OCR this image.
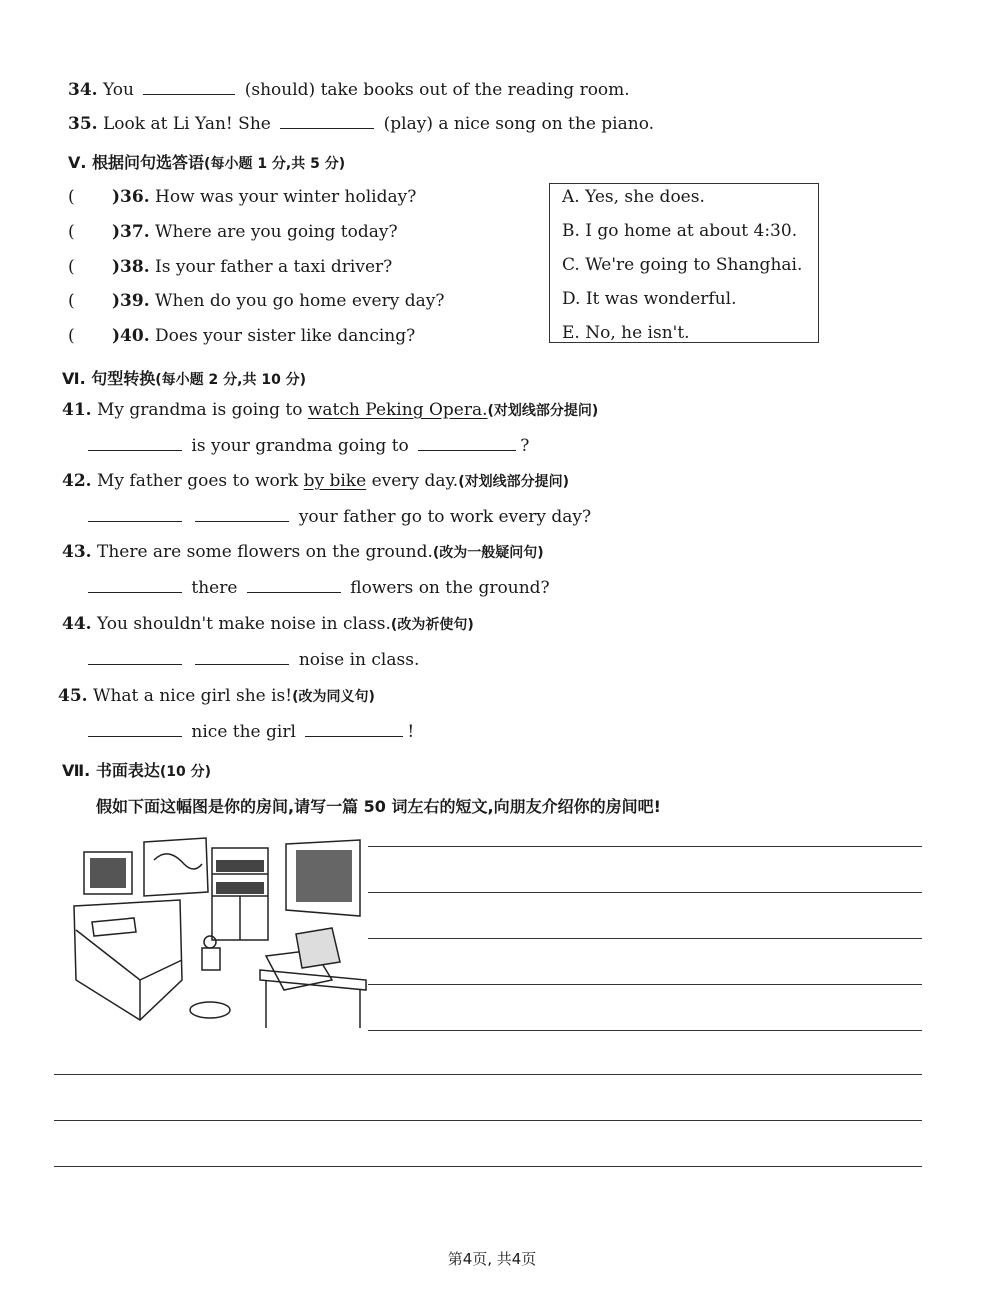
34. You	(should) take books out of the reading room.
35. Look at Li Yan! She	(play) a nice song on the piano.
Ⅴ. 根据问句选答语(每小题 1 分,共 5 分)
( )36. How was your winter holiday?
( )37. Where are you going today?
( )38. Is your father a taxi driver?
( )39. When do you go home every day?
( )40. Does your sister like dancing?
A. Yes, she does.
B. I go home at about 4:30.
C. We're going to Shanghai.
D. It was wonderful.
E. No, he isn't.
Ⅵ. 句型转换(每小题 2 分,共 10 分)
41. My grandma is going to watch Peking Opera.(对划线部分提问)
is your grandma going to	?
42. My father goes to work by bike every day.(对划线部分提问)
your father go to work every day?
43. There are some flowers on the ground.(改为一般疑问句)
there	flowers on the ground?
44. You shouldn't make noise in class.(改为祈使句)
noise in class.
45. What a nice girl she is!(改为同义句)
nice the girl	!
Ⅶ. 书面表达(10 分)
假如下面这幅图是你的房间,请写一篇 50 词左右的短文,向朋友介绍你的房间吧!
第4页, 共4页
